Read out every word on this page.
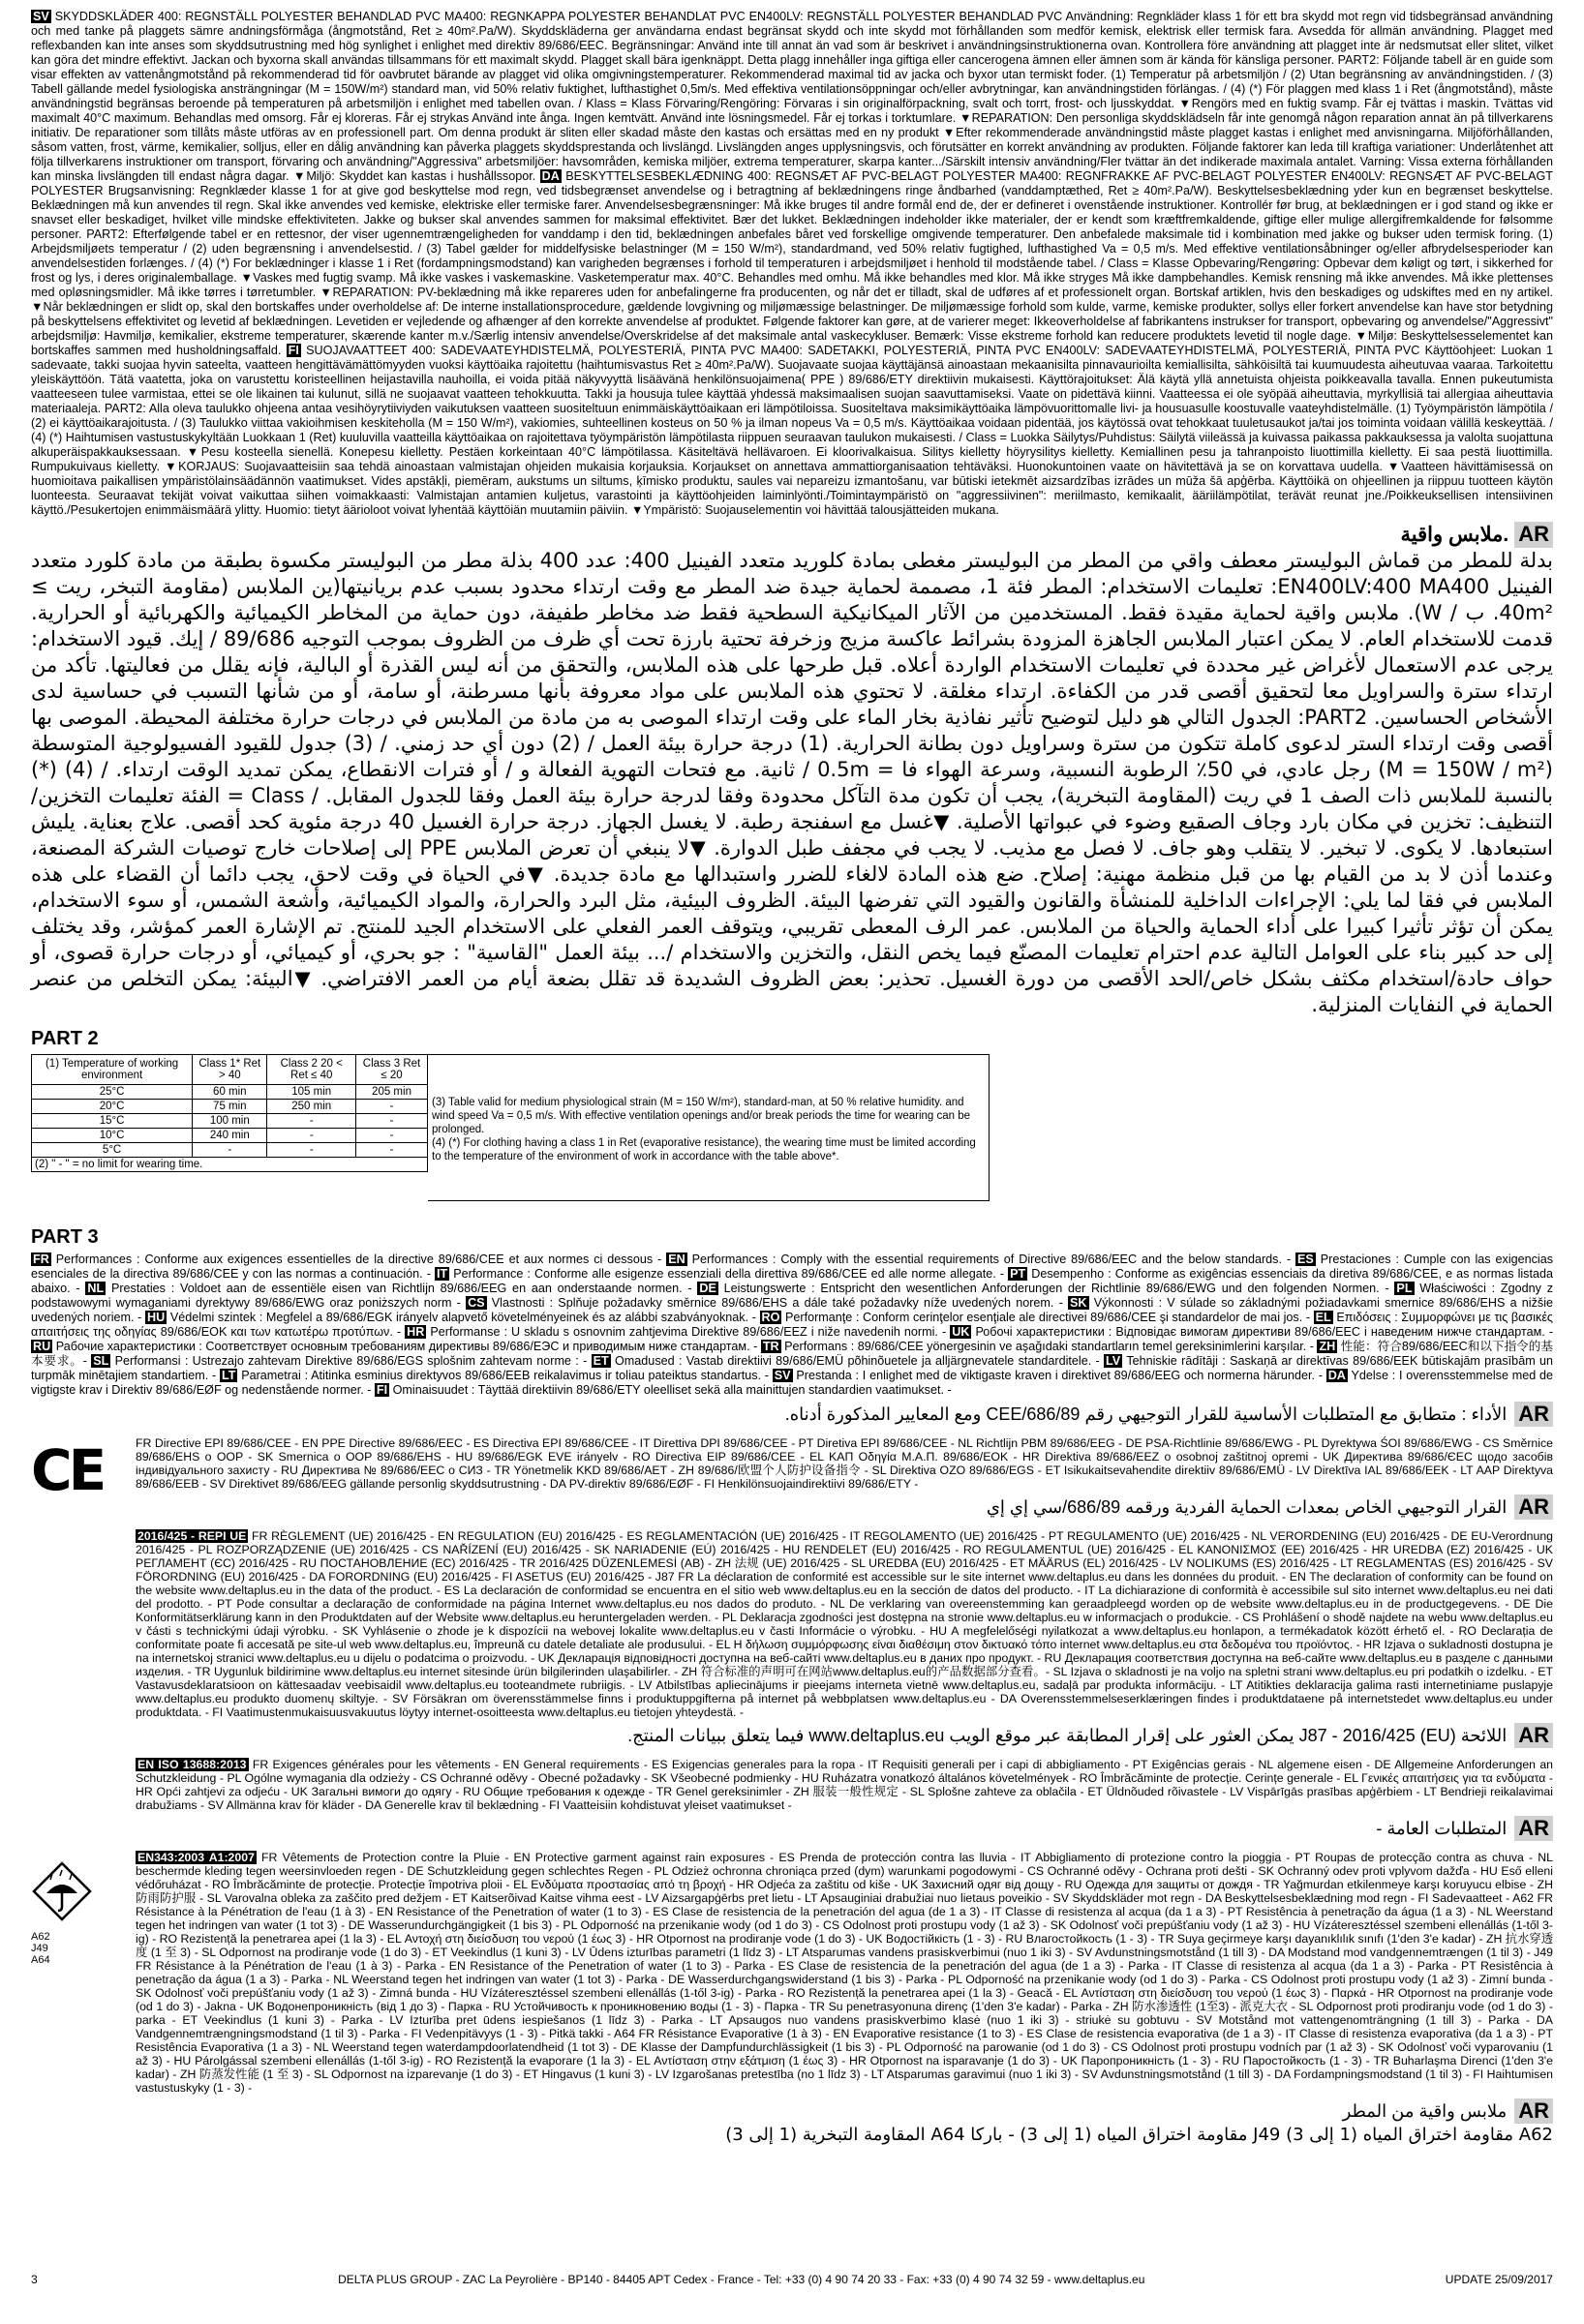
SV SKYDDSKLÄDER 400: REGNSTÄLL POLYESTER BEHANDLAD PVC MA400: REGNKAPPA POLYESTER BEHANDLAT PVC EN400LV: REGNSTÄLL POLYESTER BEHANDLAD PVC Användning: Regnkläder klass 1 för ett bra skydd mot regn vid tidsbegränsad användning och med tanke på plaggets sämre andningsförmåga (ångmotstånd, Ret ≥ 40m².Pa/W). Skyddskläderna ger användarna endast begränsat skydd och inte skydd mot förhållanden som medför kemisk, elektrisk eller termisk fara. Avsedda för allmän användning. Plagget med reflexbanden kan inte anses som skyddsutrustning med hög synlighet i enlighet med direktiv 89/686/EEC. Begränsningar: Använd inte till annat än vad som är beskrivet i användningsinstruktionerna ovan. Kontrollera före användning att plagget inte är nedsmutsat eller slitet, vilket kan göra det mindre effektivt. Jackan och byxorna skall användas tillsammans för ett maximalt skydd. Plagget skall bära igenknäppt. Detta plagg innehåller inga giftiga eller cancerogena ämnen eller ämnen som är kända för känsliga personer. PART2: Följande tabell är en guide som visar effekten av vattenångmotstånd på rekommenderad tid för oavbrutet bärande av plagget vid olika omgivningstemperaturer. Rekommenderad maximal tid av jacka och byxor utan termiskt foder. (1) Temperatur på arbetsmiljön / (2) Utan begränsning av användningstiden. / (3) Tabell gällande medel fysiologiska ansträngningar (M = 150W/m²) standard man, vid 50% relativ fuktighet, lufthastighet 0,5m/s. Med effektiva ventilationsöppningar och/eller avbrytningar, kan användningstiden förlängas. / (4) (*) För plaggen med klass 1 i Ret (ångmotstånd), måste användningstid begränsas beroende på temperaturen på arbetsmiljön i enlighet med tabellen ovan. / Klass = Klass Förvaring/Rengöring: Förvaras i sin originalförpackning, svalt och torrt, frost- och ljusskyddat. ▼Rengörs med en fuktig svamp. Får ej tvättas i maskin. Tvättas vid maximalt 40°C maximum. Behandlas med omsorg. Får ej kloreras. Får ej strykas Använd inte ånga. Ingen kemtvätt. Använd inte lösningsmedel. Får ej torkas i torktumlare. ▼REPARATION: Den personliga skyddsklädseln får inte genomgå någon reparation annat än på tillverkarens initiativ. De reparationer som tillåts måste utföras av en professionell part. Om denna produkt är sliten eller skadad måste den kastas och ersättas med en ny produkt ▼Efter rekommenderade användningstid måste plagget kastas i enlighet med anvisningarna. Miljöförhållanden, såsom vatten, frost, värme, kemikalier, solljus, eller en dålig användning kan påverka plaggets skyddsprestanda och livslängd. Livslängden anges upplysningsvis, och förutsätter en korrekt användning av produkten. Följande faktorer kan leda till kraftiga variationer: Underlåtenhet att följa tillverkarens instruktioner om transport, förvaring och användning/"Aggressiva" arbetsmiljöer: havsområden, kemiska miljöer, extrema temperaturer, skarpa kanter.../Särskilt intensiv användning/Fler tvättar än det indikerade maximala antalet. Varning: Vissa externa förhållanden kan minska livslängden till endast några dagar. ▼Miljö: Skyddet kan kastas i hushållssopor. DA BESKYTTELSESBEKLÆDNING 400: REGNSÆT AF PVC-BELAGT POLYESTER MA400: REGNFRAKKE AF PVC-BELAGT POLYESTER EN400LV: REGNSÆT AF PVC-BELAGT POLYESTER Brugsanvisning: Regnklæder klasse 1 for at give god beskyttelse mod regn, ved tidsbegrænset anvendelse og i betragtning af beklædningens ringe åndbarhed (vanddamptæthed, Ret ≥ 40m².Pa/W). Beskyttelsesbeklædning yder kun en begrænset beskyttelse. Beklædningen må kun anvendes til regn. Skal ikke anvendes ved kemiske, elektriske eller termiske farer. Anvendelsesbegrænsninger: Må ikke bruges til andre formål end de, der er defineret i ovenstående instruktioner. Kontrollér før brug, at beklædningen er i god stand og ikke er snavset eller beskadiget, hvilket ville mindske effektiviteten. Jakke og bukser skal anvendes sammen for maksimal effektivitet. Bær det lukket. Beklædningen indeholder ikke materialer, der er kendt som kræftfremkaldende, giftige eller mulige allergifremkaldende for følsomme personer. PART2: Efterfølgende tabel er en rettesnor, der viser ugennemtrængeligheden for vanddamp i den tid, beklædningen anbefales båret ved forskellige omgivende temperaturer. Den anbefalede maksimale tid i kombination med jakke og bukser uden termisk foring. (1) Arbejdsmiljøets temperatur / (2) uden begrænsning i anvendelsestid. / (3) Tabel gælder for middelfysiske belastninger (M = 150 W/m²), standardmand, ved 50% relativ fugtighed, lufthastighed Va = 0,5 m/s. Med effektive ventilationsåbninger og/eller afbrydelsesperioder kan anvendelsestiden forlænges. / (4) (*) For beklædninger i klasse 1 i Ret (fordampningsmodstand) kan varigheden begrænses i forhold til temperaturen i arbejdsmiljøet i henhold til modstående tabel. / Class = Klasse Opbevaring/Rengøring: Opbevar dem køligt og tørt, i sikkerhed for frost og lys, i deres originalemballage. ▼Vaskes med fugtig svamp. Må ikke vaskes i vaskemaskine. Vasketemperatur max. 40°C. Behandles med omhu. Må ikke behandles med klor. Må ikke stryges Må ikke dampbehandles. Kemisk rensning må ikke anvendes. Må ikke plettenses med opløsningsmidler. Må ikke tørres i tørretumbler. ▼REPARATION: PV-beklædning må ikke repareres uden for anbefalingerne fra producenten, og når det er tilladt, skal de udføres af et professionelt organ. Bortskaf artiklen, hvis den beskadiges og udskiftes med en ny artikel. ▼Når beklædningen er slidt op, skal den bortskaffes under overholdelse af: De interne installationsprocedure, gældende lovgivning og miljømæssige belastninger. De miljømæssige forhold som kulde, varme, kemiske produkter, sollys eller forkert anvendelse kan have stor betydning på beskyttelsens effektivitet og levetid af beklædningen. Levetiden er vejledende og afhænger af den korrekte anvendelse af produktet. Følgende faktorer kan gøre, at de varierer meget: Ikkeoverholdelse af fabrikantens instrukser for transport, opbevaring og anvendelse/"Aggressivt" arbejdsmiljø: Havmiljø, kemikalier, ekstreme temperaturer, skærende kanter m.v./Særlig intensiv anvendelse/Overskridelse af det maksimale antal vaskecykluser. Bemærk: Visse ekstreme forhold kan reducere produktets levetid til nogle dage. ▼Miljø: Beskyttelsesselementet kan bortskaffes sammen med husholdningsaffald. FI SUOJAVAATTEET 400: SADEVAATEYHDISTELMÄ, POLYESTERIÄ, PINTA PVC MA400: SADETAKKI, POLYESTERIÄ, PINTA PVC EN400LV: SADEVAATEYHDISTELMÄ, POLYESTERIÄ, PINTA PVC Käyttöohjeet: Luokan 1 sadevaate, takki suojaa hyvin sateelta, vaatteen hengittävämättömyyden vuoksi käyttöaika rajoitettu (haihtumisvastus Ret ≥ 40m².Pa/W). Suojavaate suojaa käyttäjänsä ainoastaan mekaanisilta pinnavaurioilta kemiallisilta, sähköisiltä tai kuumuudesta aiheutuvaa vaaraa. Tarkoitettu yleiskäyttöön. Tätä vaatetta, joka on varustettu koristeellinen heijastavilla nauhoilla, ei voida pitää näkyvyyttä lisäävänä henkilönsuojaimena( PPE ) 89/686/ETY direktiivin mukaisesti. Käyttörajoitukset: Älä käytä yllä annetuista ohjeista poikkeavalla tavalla. Ennen pukeutumista vaatteeseen tulee varmistaa, ettei se ole likainen tai kulunut, sillä ne suojaavat vaatteen tehokkuutta. Takki ja housuja tulee käyttää yhdessä maksimaalisen suojan saavuttamiseksi. Vaate on pidettävä kiinni. Vaatteessa ei ole syöpää aiheuttavia, myrkyllisiä tai allergiaa aiheuttavia materiaaleja. PART2: Alla oleva taulukko ohjeena antaa vesihöyrytiiviyden vaikutuksen vaatteen suositeltuun enimmäiskäyttöaikaan eri lämpötiloissa. Suositeltava maksimikäyttöaika lämpövuorittomalle livi- ja housuasulle koostuvalle vaateyhdistelmälle. (1) Työympäristön lämpötila / (2) ei käyttöaikarajoitusta. / (3) Taulukko viittaa vakioihmisen keskiteholla (M = 150 W/m²), vakiomies, suhteellinen kosteus on 50 % ja ilman nopeus Va = 0,5 m/s. Käyttöaikaa voidaan pidentää, jos käytössä ovat tehokkaat tuuletusaukot ja/tai jos toiminta voidaan välillä keskeyttää. / (4) (*) Haihtumisen vastustuskykyltään Luokkaan 1 (Ret) kuuluvilla vaatteilla käyttöaikaa on rajoitettava työympäristön lämpötilasta riippuen seuraavan taulukon mukaisesti. / Class = Luokka Säilytys/Puhdistus: Säilytä viileässä ja kuivassa paikassa pakkauksessa ja valolta suojattuna alkuperäispakkauksessaan. ▼Pesu kosteella sienellä. Konepesu kielletty. Pestäen korkeintaan 40°C lämpötilassa. Käsiteltävä hellävaroen. Ei kloorivalkaisua. Silitys kielletty höyrysilitys kielletty. Kemiallinen pesu ja tahranpoisto liuottimilla kielletty. Ei saa pestä liuottimilla. Rumpukuivaus kielletty. ▼KORJAUS: Suojavaatteisiin saa tehdä ainoastaan valmistajan ohjeiden mukaisia korjauksia. Korjaukset on annettava ammattiorganisaation tehtäväksi. Huonokuntoinen vaate on hävitettävä ja se on korvattava uudella. ▼Vaatteen hävittämisessä on huomioitava paikallisen ympäristölainsäädännön vaatimukset. Vides apstākļi, piemēram, aukstums un siltums, ķīmisko produktu, saules vai nepareizu izmantošanu, var būtiski ietekmēt aizsardzības izrādes un mūža šā apģērba. Käyttöikä on ohjeellinen ja riippuu tuotteen käytön luonteesta. Seuraavat tekijät voivat vaikuttaa siihen voimakkaasti: Valmistajan antamien kuljetus, varastointi ja käyttöohjeiden laiminlyönti./Toimintaympäristö on "aggressiivinen": meriilmasto, kemikaalit, ääriilämpötilat, terävät reunat jne./Poikkeuksellisen intensiivinen käyttö./Pesukertojen enimmäismäärä ylitty. Huomio: tietyt äärioloot voivat lyhentää käyttöiän muutamiin päiviin. ▼Ympäristö: Suojauselementin voi hävittää talousjätteiden mukana.

ملابس واقية. AR

بدلة للمطر من قماش البوليستر معطف واقي من المطر من البوليستر مغطى بمادة كلوريد متعدد الفينيل 400: عدد 400 بذلة مطر من البوليستر مكسوة بطبقة من مادة كلورد متعدد الفينيل EN400LV:400 MA400: تعليمات الاستخدام: المطر فئة 1، مصممة لحماية جيدة ضد المطر مع وقت ارتداء محدود بسبب عدم بريانيتها(ين الملابس (مقاومة التبخر، ريت ≥ 40m². ب / W). ملابس واقية لحماية مقيدة فقط. المستخدمين من الآثار الميكانيكية السطحية فقط ضد مخاطر طفيفة، دون حماية من المخاطر الكيميائية والكهربائية أو الحرارية. قدمت للاستخدام العام. لا يمكن اعتبار الملابس الجاهزة المزودة بشرائط عاكسة مزيج وزخرفة تحتية بارزة تحت أي ظرف من الظروف بموجب التوجيه 89/686 / إيك. قيود الاستخدام: يرجى عدم الاستعمال لأغراض غير محددة في تعليمات الاستخدام الواردة أعلاه. قبل طرحها على هذه الملابس، والتحقق من أنه ليس القذرة أو البالية، فإنه يقلل من فعاليتها. تأكد من ارتداء سترة والسراويل معا لتحقيق أقصى قدر من الكفاءة. ارتداء مغلقة. لا تحتوي هذه الملابس على مواد معروفة بأنها مسرطنة، أو سامة، أو من شأنها التسبب في حساسية لدى الأشخاص الحساسين. PART2: الجدول التالي هو دليل لتوضيح تأثير نفاذية بخار الماء على وقت ارتداء الموصى به من مادة من الملابس في درجات حرارة مختلفة المحيطة. الموصى بها أقصى وقت ارتداء الستر لدعوى كاملة تتكون من سترة وسراويل دون بطانة الحرارية. (1) درجة حرارة بيئة العمل / (2) دون أي حد زمني. / (3) جدول للقيود الفسيولوجية المتوسطة (M = 150W / m²) رجل عادي، في 50٪ الرطوبة النسبية، وسرعة الهواء فا = 0.5m / ثانية. مع فتحات التهوية الفعالة و / أو فترات الانقطاع، يمكن تمديد الوقت ارتداء. / (4) (*) بالنسبة للملابس ذات الصف 1 في ريت (المقاومة التبخرية)، يجب أن تكون مدة التآكل محدودة وفقا لدرجة حرارة بيئة العمل وفقا للجدول المقابل. / Class = الفئة تعليمات التخزين/التنظيف: تخزين في مكان بارد وجاف الصقيع وضوء في عبواتها الأصلية. ▼غسل مع اسفنجة رطبة. لا يغسل الجهاز. درجة حرارة الغسيل 40 درجة مئوية كحد أقصى. علاج بعناية. يليش استبعادها. لا يكوى. لا تبخير. لا يتقلب وهو جاف. لا فصل مع مذيب. لا يجب في مجفف طبل الدوارة. ▼لا ينبغي أن تعرض الملابس PPE إلى إصلاحات خارج توصيات الشركة المصنعة، وعندما أذن لا بد من القيام بها من قبل منظمة مهنية: إصلاح. ضع هذه المادة لالغاء للضرر واستبدالها مع مادة جديدة. ▼في الحياة في وقت لاحق، يجب دائما أن القضاء على هذه الملابس في فقا لما يلي: الإجراءات الداخلية للمنشأة والقانون والقيود التي تفرضها البيئة. الظروف البيئية، مثل البرد والحرارة، والمواد الكيميائية، وأشعة الشمس، أو سوء الاستخدام، يمكن أن تؤثر تأثيرا كبيرا على أداء الحماية والحياة من الملابس. عمر الرف المعطى تقريبي، ويتوقف العمر الفعلي على الاستخدام الجيد للمنتج. تم الإشارة العمر كمؤشر، وقد يختلف إلى حد كبير بناء على العوامل التالية عدم احترام تعليمات المصنّع فيما يخص النقل، والتخزين والاستخدام /... بيئة العمل "القاسية" : جو بحري، أو كيميائي، أو درجات حرارة قصوى، أو حواف حادة/استخدام مكثف بشكل خاص/الحد الأقصى من دورة الغسيل. تحذير: بعض الظروف الشديدة قد تقلل بضعة أيام من العمر الافتراضي. ▼البيئة: يمكن التخلص من عنصر الحماية في النفايات المنزلية.

PART 2
(1) Temperature of working environment	Class 1* Ret > 40	Class 2 20 < Ret ≤ 40	Class 3 Ret ≤ 20
25°C	60 min	105 min	205 min
20°C	75 min	250 min	-
15°C	100 min	-	-
10°C	240 min	-	-
5°C	-	-	-
(2) " - " = no limit for wearing time.			
(3) Table valid for medium physiological strain (M = 150 W/m²), standard-man, at 50 % relative humidity. and wind speed Va = 0,5 m/s. With effective ventilation openings and/or break periods the time for wearing can be prolonged.
(4) (*) For clothing having a class 1 in Ret (evaporative resistance), the wearing time must be limited according to the temperature of the environment of work in accordance with the table above*.
PART 3

FR Performances : Conforme aux exigences essentielles de la directive 89/686/CEE et aux normes ci dessous - EN Performances : Comply with the essential requirements of Directive 89/686/EEC and the below standards. - ES Prestaciones : Cumple con las exigencias esenciales de la directiva 89/686/CEE y con las normas a continuación. - IT Performance : Conforme alle esigenze essenziali della direttiva 89/686/CEE ed alle norme allegate. - PT Desempenho : Conforme as exigências essenciais da diretiva 89/686/CEE, e as normas listada abaixo. - NL Prestaties : Voldoet aan de essentiële eisen van Richtlijn 89/686/EEG en aan onderstaande normen. - DE Leistungswerte : Entspricht den wesentlichen Anforderungen der Richtlinie 89/686/EWG und den folgenden Normen. - PL Właściwości : Zgodny z podstawowymi wymaganiami dyrektywy 89/686/EWG oraz poniższych norm - CS Vlastnosti : Splňuje požadavky směrnice 89/686/EHS a dále také požadavky níže uvedených norem. - SK Výkonnosti : V súlade so základnými požiadavkami smernice 89/686/EHS a nižšie uvedených noriem. - HU Védelmi szintek : Megfelel a 89/686/EGK irányelv alapvető követelményeinek és az alábbi szabványoknak. - RO Performanţe : Conform cerinţelor esenţiale ale directivei 89/686/CEE şi standardelor de mai jos. - EL Επιδόσεις : Συμμορφώνει με τις βασικές απαιτήσεις της οδηγίας 89/686/ΕΟΚ και των κατωτέρω προτύπων. - HR Performanse : U skladu s osnovnim zahtjevima Direktive 89/686/EEZ i niže navedenih normi. - UK Робочі характеристики : Відповідає вимогам директиви 89/686/ЕЕС і наведеним нижче стандартам. - RU Рабочие характеристики : Соответствует основным требованиям директивы 89/686/ЕЭС и приводимым ниже стандартам. - TR Performans : 89/686/CEE yönergesinin ve aşağıdaki standartların temel gereksinimlerini karşılar. - ZH 性能：符合89/686/EEC和以下指令的基本要求。- SL Performansi : Ustrezajo zahtevam Direktive 89/686/EGS splošnim zahtevam norme : - ET Omadused : Vastab direktiivi 89/686/EMÜ põhinõuetele ja alljärgnevatele standarditele. - LV Tehniskie rādītāji : Saskaņā ar direktīvas 89/686/EEK būtiskajām prasībām un turpmāk minētajiem standartiem. - LT Parametrai : Atitinka esminius direktyvos 89/686/EEB reikalavimus ir toliau pateiktus standartus. - SV Prestanda : I enlighet med de viktigaste kraven i direktivet 89/686/EEG och normerna härunder. - DA Ydelse : I overensstemmelse med de vigtigste krav i Direktiv 89/686/EØF og nedenstående normer. - FI Ominaisuudet : Täyttää direktiivin 89/686/ETY oleelliset sekä alla mainittujen standardien vaatimukset. -

الأداء : متطابق مع المتطلبات الأساسية للقرار التوجيهي رقم CEE/686/89 ومع المعايير المذكورة أدناه. AR
CE	FR Directive EPI 89/686/CEE - EN PPE Directive 89/686/EEC - ES Directiva EPI 89/686/CEE - IT Direttiva DPI 89/686/CEE - PT Diretiva EPI 89/686/CEE - NL Richtlijn PBM 89/686/EEG - DE PSA-Richtlinie 89/686/EWG - PL Dyrektywa ŚOI 89/686/EWG - CS Směrnice 89/686/EHS o OOP - SK Smernica o OOP 89/686/EHS - HU 89/686/EGK EVE irányelv - RO Directiva EIP 89/686/CEE - EL ΚΑΠ Οδηγία Μ.Α.Π. 89/686/ΕΟΚ - HR Direktiva 89/686/EEZ o osobnoj zaštitnoj opremi - UK Директива 89/686/ЄЕС щодо засобів індивідуального захисту - RU Директива № 89/686/ЕЕС о СИЗ - TR Yönetmelik KKD 89/686/AET - ZH 89/686/欧盟个人防护设备指令 - SL Direktiva OZO 89/686/EGS - ET Isikukaitsevahendite direktiiv 89/686/EMÜ - LV Direktīva IAL 89/686/EEK - LT AAP Direktyva 89/686/EEB - SV Direktivet 89/686/EEG gällande personlig skyddsutrustning - DA PV-direktiv 89/686/EØF - FI Henkilönsuojaindirektiivi 89/686/ETY -

القرار التوجيهي الخاص بمعدات الحماية الفردية ورقمه 686/89/سي إي إي AR

2016/425 - REPI UE FR RÈGLEMENT (UE) 2016/425 - EN REGULATION (EU) 2016/425 - ES REGLAMENTACIÓN (UE) 2016/425 - IT REGOLAMENTO (UE) 2016/425 - PT REGULAMENTO (UE) 2016/425 - NL VERORDENING (EU) 2016/425 - DE EU-Verordnung 2016/425 - PL ROZPORZĄDZENIE (UE) 2016/425 - CS NAŘÍZENÍ (EU) 2016/425 - SK NARIADENIE (EÚ) 2016/425 - HU RENDELET (EU) 2016/425 - RO REGULAMENTUL (UE) 2016/425 - EL ΚΑΝΟΝΙΣΜΟΣ (ΕΕ) 2016/425 - HR UREDBA (EZ) 2016/425 - UK РЕГЛАМЕНТ (ЄС) 2016/425 - RU ПОСТАНОВЛЕНИЕ (ЕС) 2016/425 - TR 2016/425 DÜZENLEMESİ (AB) - ZH 法规 (UE) 2016/425 - SL UREDBA (EU) 2016/425 - ET MÄÄRUS (EL) 2016/425 - LV NOLIKUMS (ES) 2016/425 - LT REGLAMENTAS (ES) 2016/425 - SV FÖRORDNING (EU) 2016/425 - DA FORORDNING (EU) 2016/425 - FI ASETUS (EU) 2016/425 - J87 FR La déclaration de conformité est accessible sur le site internet www.deltaplus.eu dans les données du produit. - EN The declaration of conformity can be found on the website www.deltaplus.eu in the data of the product. - ES La declaración de conformidad se encuentra en el sitio web www.deltaplus.eu en la sección de datos del producto. - IT La dichiarazione di conformità è accessibile sul sito internet www.deltaplus.eu nei dati del prodotto. - PT Pode consultar a declaração de conformidade na página Internet www.deltaplus.eu nos dados do produto. - NL De verklaring van overeenstemming kan geraadpleegd worden op de website www.deltaplus.eu in de productgegevens. - DE Die Konformitätserklärung kann in den Produktdaten auf der Website www.deltaplus.eu heruntergeladen werden. - PL Deklaracja zgodności jest dostępna na stronie www.deltaplus.eu w informacjach o produkcie. - CS Prohlášení o shodě najdete na webu www.deltaplus.eu v části s technickými údaji výrobku. - SK Vyhlásenie o zhode je k dispozícii na webovej lokalite www.deltaplus.eu v časti Informácie o výrobku. - HU A megfelelőségi nyilatkozat a www.deltaplus.eu honlapon, a termékadatok között érhető el. - RO Declarația de conformitate poate fi accesată pe site-ul web www.deltaplus.eu, împreună cu datele detaliate ale produsului. - EL Η δήλωση συμμόρφωσης είναι διαθέσιμη στον δικτυακό τόπο internet www.deltaplus.eu στα δεδομένα του προϊόντος. - HR Izjava o sukladnosti dostupna je na internetskoj stranici www.deltaplus.eu u dijelu o podatcima o proizvodu. - UK Декларація відповідності доступна на веб-сайті www.deltaplus.eu в даних про продукт. - RU Декларация соответствия доступна на веб-сайте www.deltaplus.eu в разделе с данными изделия. - TR Uygunluk bildirimine www.deltaplus.eu internet sitesinde ürün bilgilerinden ulaşabilirler. - ZH 符合标准的声明可在网站www.deltaplus.eu的产品数据部分查看。- SL Izjava o skladnosti je na voljo na spletni strani www.deltaplus.eu pri podatkih o izdelku. - ET Vastavusdeklaratsioon on kättesaadav veebisaidil www.deltaplus.eu tooteandmete rubriigis. - LV Atbilstības apliecinājums ir pieejams interneta vietnē www.deltaplus.eu, sadaļā par produkta informāciju. - LT Atitikties deklaracija galima rasti internetiniame puslapyje www.deltaplus.eu produkto duomenų skiltyje. - SV Försäkran om överensstämmelse finns i produktuppgifterna på internet på webbplatsen www.deltaplus.eu - DA Overensstemmelseserklæringen findes i produktdataene på internetstedet www.deltaplus.eu under produktdata. - FI Vaatimustenmukaisuusvakuutus löytyy internet-osoitteesta www.deltaplus.eu tietojen yhteydestä. -

اللائحة J87 - 2016/425 (EU) يمكن العثور على إقرار المطابقة عبر موقع الويب www.deltaplus.eu فيما يتعلق ببيانات المنتج. AR

EN ISO 13688:2013 FR Exigences générales pour les vêtements - EN General requirements - ES Exigencias generales para la ropa - IT Requisiti generali per i capi di abbigliamento - PT Exigências gerais - NL algemene eisen - DE Allgemeine Anforderungen an Schutzkleidung - PL Ogólne wymagania dla odzieży - CS Ochranné oděvy - Obecné požadavky - SK Všeobecné podmienky - HU Ruházatra vonatkozó általános követelmények - RO Îmbrăcăminte de protecție. Cerințe generale - EL Γενικές απαιτήσεις για τα ενδύματα - HR Opći zahtjevi za odjeću - UK Загальні вимоги до одягу - RU Общие требования к одежде - TR Genel gereksinimler - ZH 服装一般性规定 - SL Splošne zahteve za oblačila - ET Üldnõuded rõivastele - LV Vispārīgās prasības apģērbiem - LT Bendrieji reikalavimai drabužiams - SV Allmänna krav för kläder - DA Generelle krav til beklædning - FI Vaatteisiin kohdistuvat yleiset vaatimukset -

المتطلبات العامة - AR
A62
J49
A64

EN343:2003 A1:2007 FR Vêtements de Protection contre la Pluie - EN Protective garment against rain exposures - ES Prenda de protección contra las lluvia - IT Abbigliamento di protezione contro la pioggia - PT Roupas de protecção contra as chuva - NL beschermde kleding tegen weersinvloeden regen - DE Schutzkleidung gegen schlechtes Regen - PL Odzież ochronna chroniąca przed (dym) warunkami pogodowymi - CS Ochranné oděvy - Ochrana proti dešti - SK Ochranný odev proti vplyvom dažďa - HU Eső elleni védőruházat - RO Îmbrăcăminte de protecție. Protecție împotriva ploii - EL Ενδύματα προστασίας από τη βροχή - HR Odjeća za zaštitu od kiše - UK Захисний одяг від дощу - RU Одежда для защиты от дождя - TR Yağmurdan etkilenmeye karşı koruyucu elbise - ZH 防雨防护服 - SL Varovalna obleka za zaščito pred dežjem - ET Kaitserõivad Kaitse vihma eest - LV Aizsargapģērbs pret lietu - LT Apsauginiai drabužiai nuo lietaus poveikio - SV Skyddskläder mot regn - DA Beskyttelsesbeklædning mod regn - FI Sadevaatteet - A62 FR Résistance à la Pénétration de l'eau (1 à 3) - EN Resistance of the Penetration of water (1 to 3) - ES Clase de resistencia de la penetración del agua (de 1 a 3) - IT Classe di resistenza al acqua (da 1 a 3) - PT Resistência à penetração da água (1 a 3) - NL Weerstand tegen het indringen van water (1 tot 3) - DE Wasserundurchgängigkeit (1 bis 3) - PL Odporność na przenikanie wody (od 1 do 3) - CS Odolnost proti prostupu vody (1 až 3) - SK Odolnosť voči prepúšťaniu vody (1 až 3) - HU Vízáteresztéssel szembeni ellenállás (1-től 3-ig) - RO Rezistență la penetrarea apei (1 la 3) - EL Αντοχή στη διείσδυση του νερού (1 έως 3) - HR Otpornost na prodiranje vode (1 do 3) - UK Водостійкість (1 - 3) - RU Влагостойкость (1 - 3) - TR Suya geçirmeye karşı dayanıklılık sınıfı (1'den 3'e kadar) - ZH 抗水穿透度 (1 至 3) - SL Odpornost na prodiranje vode (1 do 3) - ET Veekindlus (1 kuni 3) - LV Ūdens izturības parametri (1 līdz 3) - LT Atsparumas vandens prasiskverbimui (nuo 1 iki 3) - SV Avdunstningsmotstånd (1 till 3) - DA Modstand mod vandgennemtrængen (1 til 3) - J49 FR Résistance à la Pénétration de l'eau (1 à 3) - Parka - EN Resistance of the Penetration of water (1 to 3) - Parka - ES Clase de resistencia de la penetración del agua (de 1 a 3) - Parka - IT Classe di resistenza al acqua (da 1 a 3) - Parka - PT Resistência à penetração da água (1 a 3) - Parka - NL Weerstand tegen het indringen van water (1 tot 3) - Parka - DE Wasserdurchgangswiderstand (1 bis 3) - Parka - PL Odporność na przenikanie wody (od 1 do 3) - Parka - CS Odolnost proti prostupu vody (1 až 3) - Zimní bunda - SK Odolnosť voči prepúšťaniu vody (1 až 3) - Zimná bunda - HU Vízáteresztéssel szembeni ellenállás (1-től 3-ig) - Parka - RO Rezistență la penetrarea apei (1 la 3) - Geacă - EL Αντίσταση στη διείσδυση του νερού (1 έως 3) - Παρκά - HR Otpornost na prodiranje vode (od 1 do 3) - Jakna - UK Водонепроникність (від 1 до 3) - Парка - RU Устойчивость к проникновению воды (1 - 3) - Парка - TR Su penetrasyonuna direnç (1'den 3'e kadar) - Parka - ZH 防水渗透性 (1至3) - 派克大衣 - SL Odpornost proti prodiranju vode (od 1 do 3) - parka - ET Veekindlus (1 kuni 3) - Parka - LV Izturība pret ūdens iespiešanos (1 līdz 3) - Parka - LT Apsaugos nuo vandens prasiskverbimo klasė (nuo 1 iki 3) - striukė su gobtuvu - SV Motstånd mot vattengenomträngning (1 till 3) - Parka - DA Vandgennemtrængningsmodstand (1 til 3) - Parka - FI Vedenpitävyys (1 - 3) - Pitkä takki - A64 FR Résistance Evaporative (1 à 3) - EN Evaporative resistance (1 to 3) - ES Clase de resistencia evaporativa (de 1 a 3) - IT Classe di resistenza evaporativa (da 1 a 3) - PT Resistência Evaporativa (1 a 3) - NL Weerstand tegen waterdampdoorlatendheid (1 tot 3) - DE Klasse der Dampfundurchlässigkeit (1 bis 3) - PL Odporność na parowanie (od 1 do 3) - CS Odolnost proti prostupu vodních par (1 až 3) - SK Odolnosť voči vyparovaniu (1 až 3) - HU Párolgással szembeni ellenállás (1-től 3-ig) - RO Rezistență la evaporare (1 la 3) - EL Αντίσταση στην εξάτμιση (1 έως 3) - HR Otpornost na isparavanje (1 do 3) - UK Паропроникність (1 - 3) - RU Паростойкость (1 - 3) - TR Buharlaşma Direnci (1'den 3'e kadar) - ZH 防蒸发性能 (1 至 3) - SL Odpornost na izparevanje (1 do 3) - ET Hingavus (1 kuni 3) - LV Izgarošanas pretestība (no 1 līdz 3) - LT Atsparumas garavimui (nuo 1 iki 3) - SV Avdunstningsmotstånd (1 till 3) - DA Fordampningsmodstand (1 til 3) - FI Haihtumisen vastustuskyky (1 - 3) -

ملابس واقية من المطر AR
A62 مقاومة اختراق المياه (1 إلى 3) J49 مقاومة اختراق المياه (1 إلى 3) - باركا A64 المقاومة التبخرية (1 إلى 3)
3	DELTA PLUS GROUP - ZAC La Peyrolière - BP140 - 84405 APT Cedex - France - Tel: +33 (0) 4 90 74 20 33 - Fax: +33 (0) 4 90 74 32 59 - www.deltaplus.eu	UPDATE 25/09/2017
